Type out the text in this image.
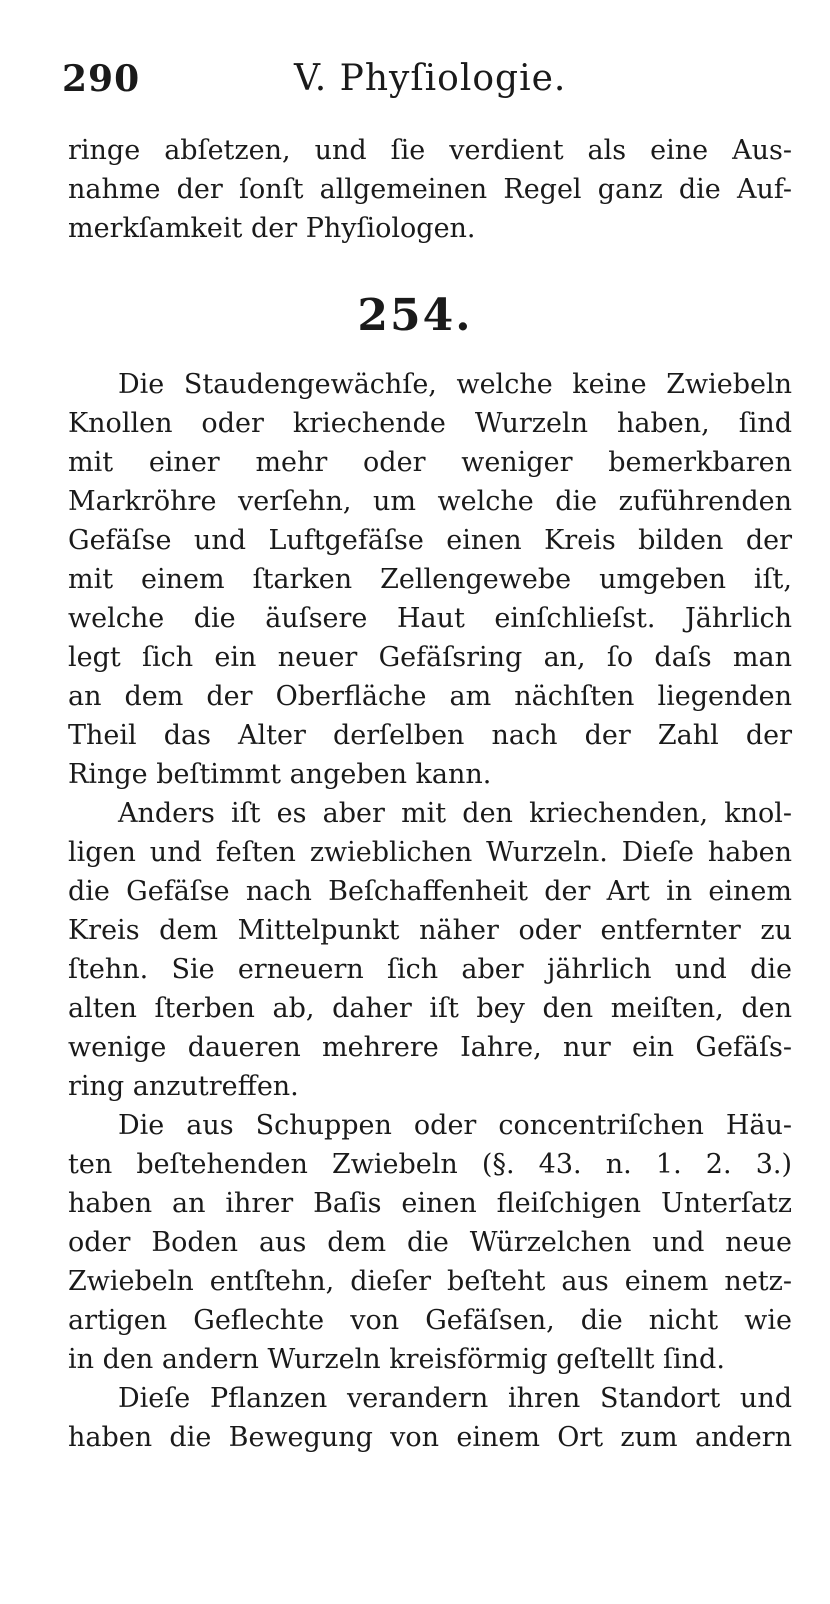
290	V. Phyſiologie.
ringe abſetzen, und ſie verdient als eine Aus-
nahme der ſonſt allgemeinen Regel ganz die Auf-
merkſamkeit der Phyſiologen.
254.
Die Staudengewächſe, welche keine Zwiebeln
Knollen oder kriechende Wurzeln haben, ſind
mit einer mehr oder weniger bemerkbaren
Markröhre verſehn, um welche die zuführenden
Gefäſse und Luftgefäſse einen Kreis bilden der
mit einem ſtarken Zellengewebe umgeben iſt,
welche die äuſsere Haut einſchlieſst. Jährlich
legt ſich ein neuer Gefäſsring an, ſo daſs man
an dem der Oberfläche am nächſten liegenden
Theil das Alter derſelben nach der Zahl der
Ringe beſtimmt angeben kann.
Anders iſt es aber mit den kriechenden, knol-
ligen und feſten zwieblichen Wurzeln. Dieſe haben
die Gefäſse nach Beſchaffenheit der Art in einem
Kreis dem Mittelpunkt näher oder entfernter zu
ſtehn. Sie erneuern ſich aber jährlich und die
alten ſterben ab, daher iſt bey den meiſten, den
wenige daueren mehrere Iahre, nur ein Gefäſs-
ring anzutreffen.
Die aus Schuppen oder concentriſchen Häu-
ten beſtehenden Zwiebeln (§. 43. n. 1. 2. 3.)
haben an ihrer Baſis einen fleiſchigen Unterſatz
oder Boden aus dem die Würzelchen und neue
Zwiebeln entſtehn, dieſer beſteht aus einem netz-
artigen Geflechte von Gefäſsen, die nicht wie
in den andern Wurzeln kreisförmig geſtellt ſind.
Dieſe Pflanzen verandern ihren Standort und
haben die Bewegung von einem Ort zum andern
